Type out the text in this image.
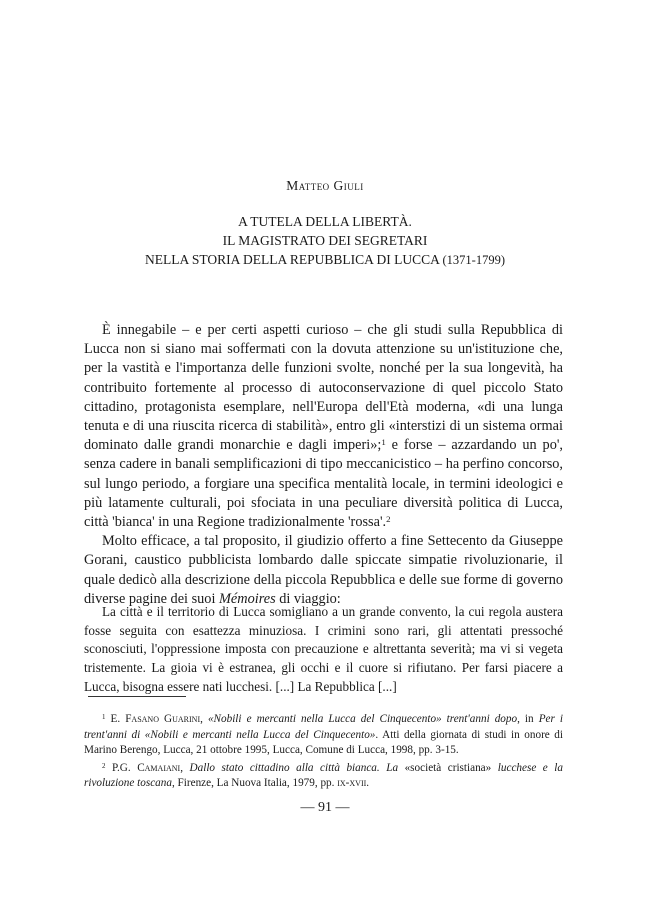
Matteo Giuli
A TUTELA DELLA LIBERTÀ.
IL MAGISTRATO DEI SEGRETARI
NELLA STORIA DELLA REPUBBLICA DI LUCCA (1371-1799)

È innegabile – e per certi aspetti curioso – che gli studi sulla Repubblica di Lucca non si siano mai soffermati con la dovuta attenzione su un'istituzione che, per la vastità e l'importanza delle funzioni svolte, nonché per la sua longevità, ha contribuito fortemente al processo di autoconservazione di quel piccolo Stato cittadino, protagonista esemplare, nell'Europa dell'Età moderna, «di una lunga tenuta e di una riuscita ricerca di stabilità», entro gli «interstizi di un sistema ormai dominato dalle grandi monarchie e dagli imperi»;$^1$ e forse – azzardando un po', senza cadere in banali semplificazioni di tipo meccanicistico – ha perfino concorso, sul lungo periodo, a forgiare una specifica mentalità locale, in termini ideologici e più latamente culturali, poi sfociata in una peculiare diversità politica di Lucca, città 'bianca' in una Regione tradizionalmente 'rossa'.$^2$

Molto efficace, a tal proposito, il giudizio offerto a fine Settecento da Giuseppe Gorani, caustico pubblicista lombardo dalle spiccate simpatie rivoluzionarie, il quale dedicò alla descrizione della piccola Repubblica e delle sue forme di governo diverse pagine dei suoi Mémoires di viaggio:

La città e il territorio di Lucca somigliano a un grande convento, la cui regola austera fosse seguita con esattezza minuziosa. I crimini sono rari, gli attentati pressoché sconosciuti, l'oppressione imposta con precauzione e altrettanta severità; ma vi si vegeta tristemente. La gioia vi è estranea, gli occhi e il cuore si rifiutano. Per farsi piacere a Lucca, bisogna essere nati lucchesi. [...] La Repubblica [...]

$^1$ E. Fasano Guarini, «Nobili e mercanti nella Lucca del Cinquecento» trent'anni dopo, in Per i trent'anni di «Nobili e mercanti nella Lucca del Cinquecento». Atti della giornata di studi in onore di Marino Berengo, Lucca, 21 ottobre 1995, Lucca, Comune di Lucca, 1998, pp. 3-15.

$^2$ P.G. Camaiani, Dallo stato cittadino alla città bianca. La «società cristiana» lucchese e la rivoluzione toscana, Firenze, La Nuova Italia, 1979, pp. ix-xvii.

— 91 —
